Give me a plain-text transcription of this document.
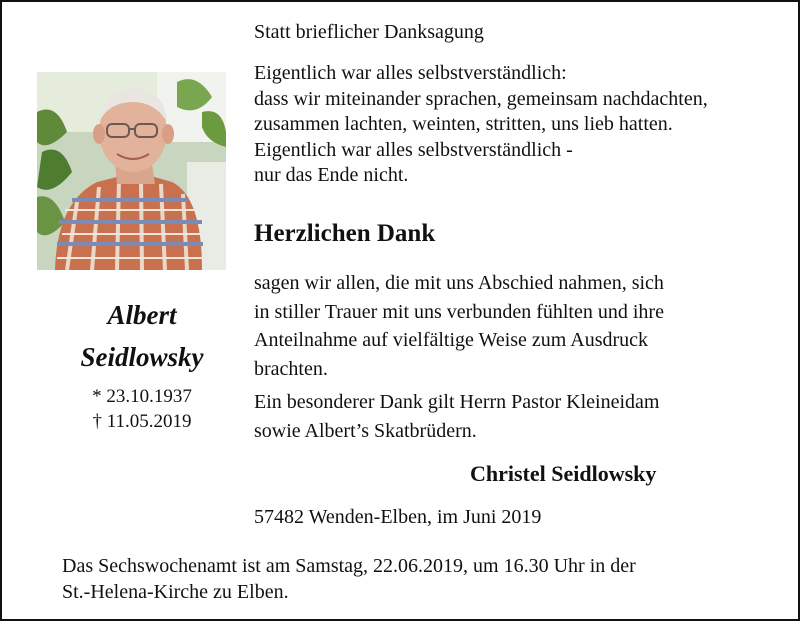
Albert
Seidlowsky
* 23.10.1937
† 11.05.2019
Statt brieflicher Danksagung
Eigentlich war alles selbstverständlich:
dass wir miteinander sprachen, gemeinsam nachdachten,
zusammen lachten, weinten, stritten, uns lieb hatten.
Eigentlich war alles selbstverständlich -
nur das Ende nicht.
Herzlichen Dank
sagen wir allen, die mit uns Abschied nahmen, sich
in stiller Trauer mit uns verbunden fühlten und ihre
Anteilnahme auf vielfältige Weise zum Ausdruck
brachten.
Ein besonderer Dank gilt Herrn Pastor Kleineidam
sowie Albert’s Skatbrüdern.
Christel Seidlowsky
57482 Wenden-Elben, im Juni 2019
Das Sechswochenamt ist am Samstag, 22.06.2019, um 16.30 Uhr in der
St.-Helena-Kirche zu Elben.
